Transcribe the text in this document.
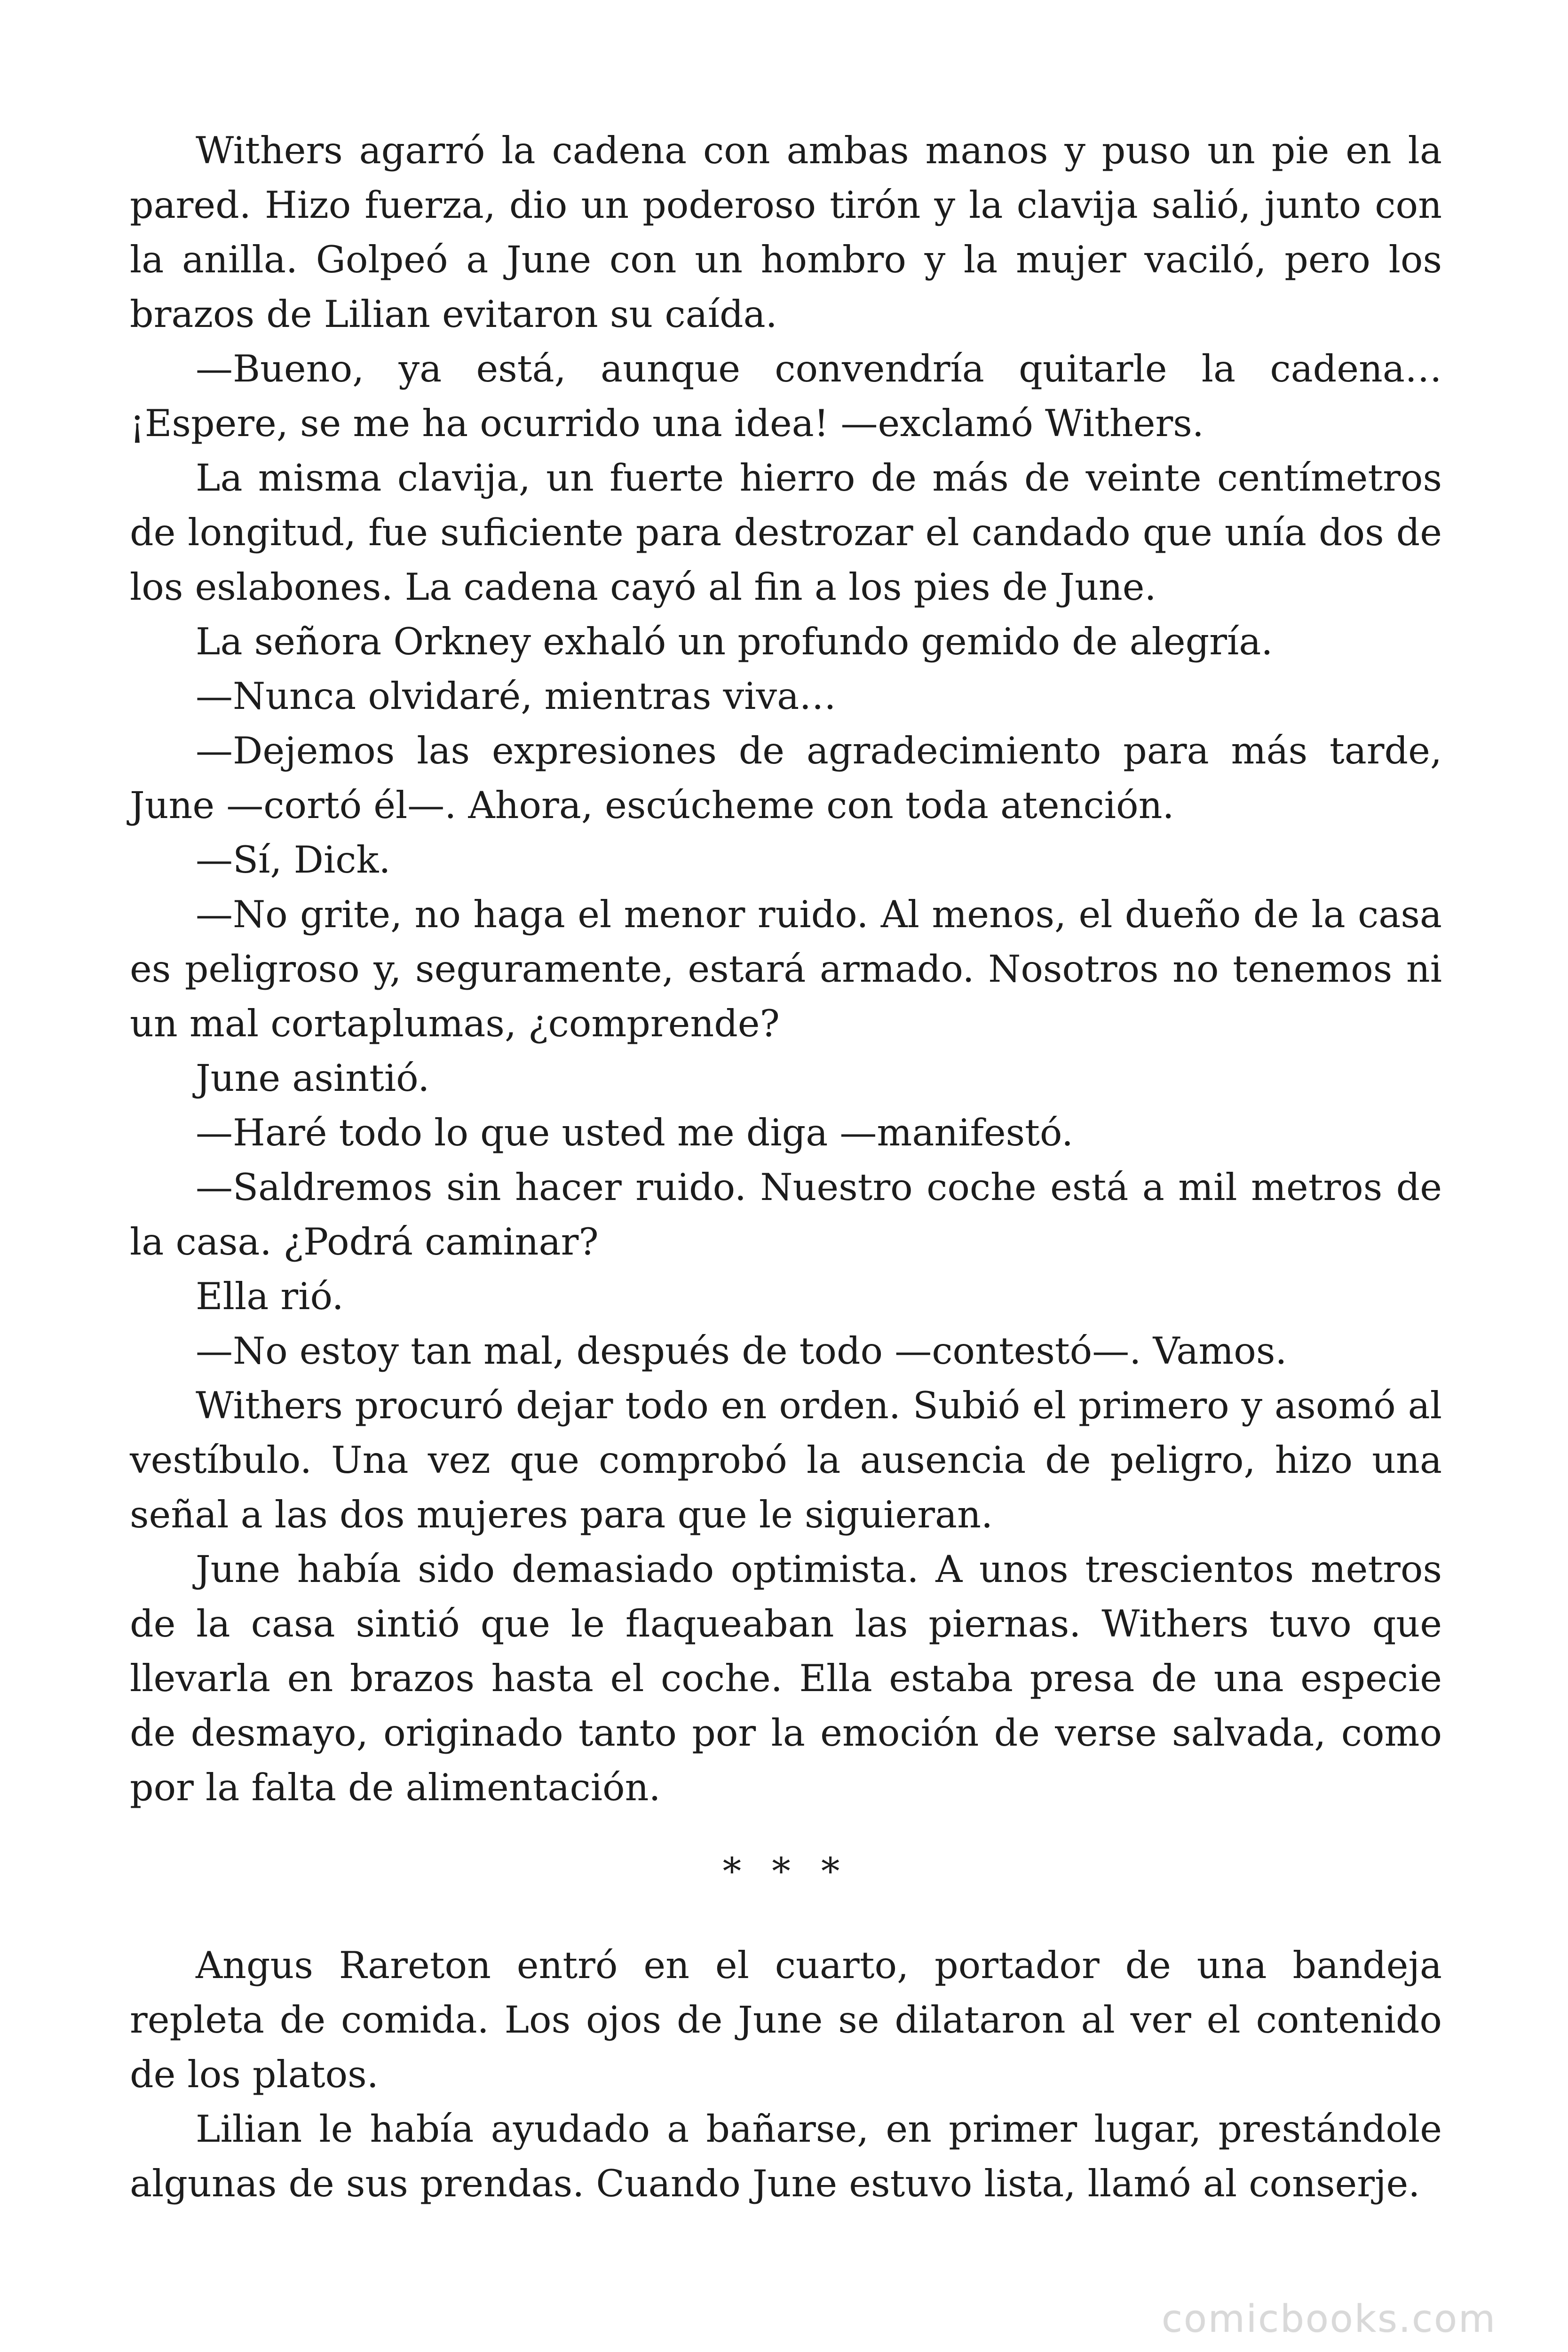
Withers agarró la cadena con ambas manos y puso un pie en la pared. Hizo fuerza, dio un poderoso tirón y la clavija salió, junto con la anilla. Golpeó a June con un hombro y la mujer vaciló, pero los brazos de Lilian evitaron su caída.

—Bueno, ya está, aunque convendría quitarle la cadena… ¡Espere, se me ha ocurrido una idea! —exclamó Withers.

La misma clavija, un fuerte hierro de más de veinte centímetros de longitud, fue suficiente para destrozar el candado que unía dos de los eslabones. La cadena cayó al fin a los pies de June.

La señora Orkney exhaló un profundo gemido de alegría.

—Nunca olvidaré, mientras viva…

—Dejemos las expresiones de agradecimiento para más tarde, June —cortó él—. Ahora, escúcheme con toda atención.

—Sí, Dick.

—No grite, no haga el menor ruido. Al menos, el dueño de la casa es peligroso y, seguramente, estará armado. Nosotros no tenemos ni un mal cortaplumas, ¿comprende?

June asintió.

—Haré todo lo que usted me diga —manifestó.

—Saldremos sin hacer ruido. Nuestro coche está a mil metros de la casa. ¿Podrá caminar?

Ella rió.

—No estoy tan mal, después de todo —contestó—. Vamos.

Withers procuró dejar todo en orden. Subió el primero y asomó al vestíbulo. Una vez que comprobó la ausencia de peligro, hizo una señal a las dos mujeres para que le siguieran.

June había sido demasiado optimista. A unos trescientos metros de la casa sintió que le flaqueaban las piernas. Withers tuvo que llevarla en brazos hasta el coche. Ella estaba presa de una especie de desmayo, originado tanto por la emoción de verse salvada, como por la falta de alimentación.

* * *

Angus Rareton entró en el cuarto, portador de una bandeja repleta de comida. Los ojos de June se dilataron al ver el contenido de los platos.

Lilian le había ayudado a bañarse, en primer lugar, prestándole algunas de sus prendas. Cuando June estuvo lista, llamó al conserje.

comicbooks.com
